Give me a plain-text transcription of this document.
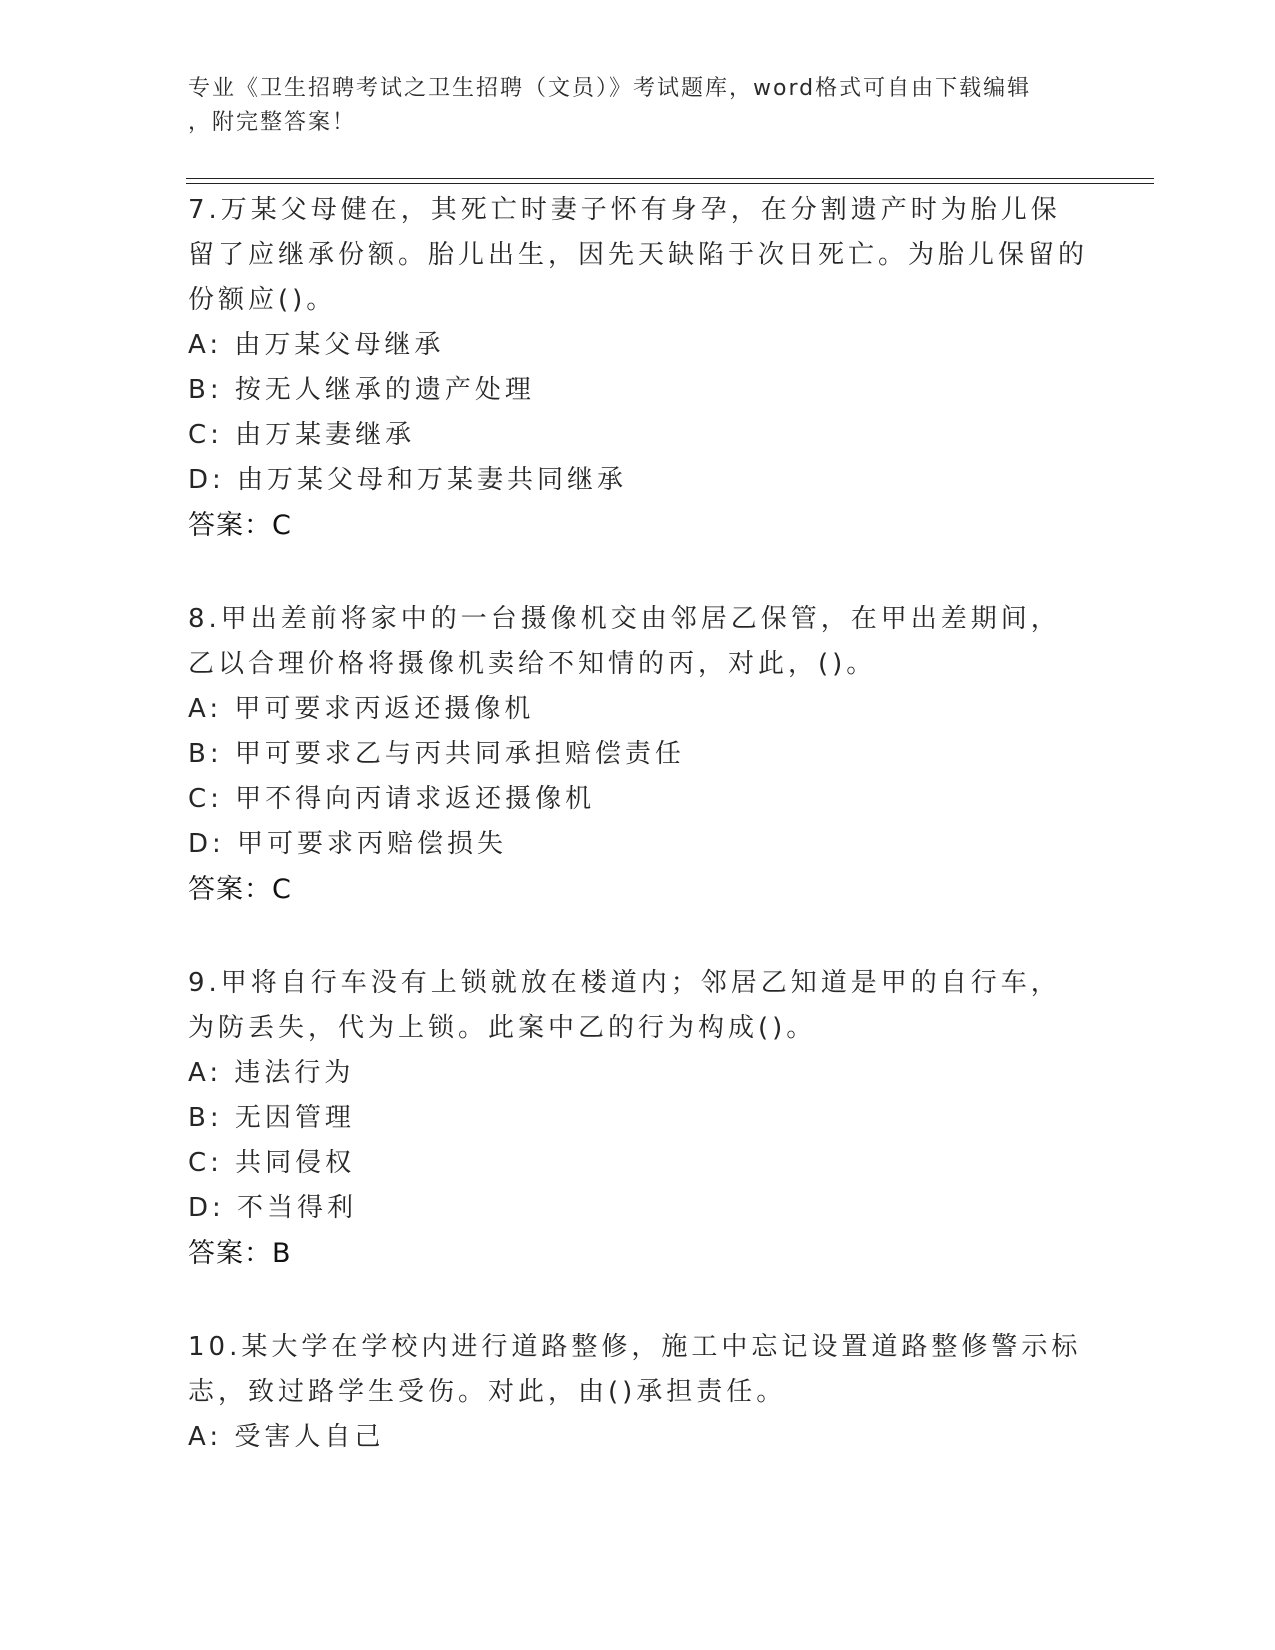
专业《卫生招聘考试之卫生招聘（文员）》考试题库，word格式可自由下载编辑
，附完整答案！
7.万某父母健在，其死亡时妻子怀有身孕，在分割遗产时为胎儿保留了应继承份额。胎儿出生，因先天缺陷于次日死亡。为胎儿保留的份额应()。
A: 由万某父母继承
B: 按无人继承的遗产处理
C: 由万某妻继承
D: 由万某父母和万某妻共同继承
答案：C
8.甲出差前将家中的一台摄像机交由邻居乙保管，在甲出差期间，乙以合理价格将摄像机卖给不知情的丙，对此，()。
A: 甲可要求丙返还摄像机
B: 甲可要求乙与丙共同承担赔偿责任
C: 甲不得向丙请求返还摄像机
D: 甲可要求丙赔偿损失
答案：C
9.甲将自行车没有上锁就放在楼道内；邻居乙知道是甲的自行车，为防丢失，代为上锁。此案中乙的行为构成()。
A: 违法行为
B: 无因管理
C: 共同侵权
D: 不当得利
答案：B
10.某大学在学校内进行道路整修，施工中忘记设置道路整修警示标志，致过路学生受伤。对此，由()承担责任。
A: 受害人自己
